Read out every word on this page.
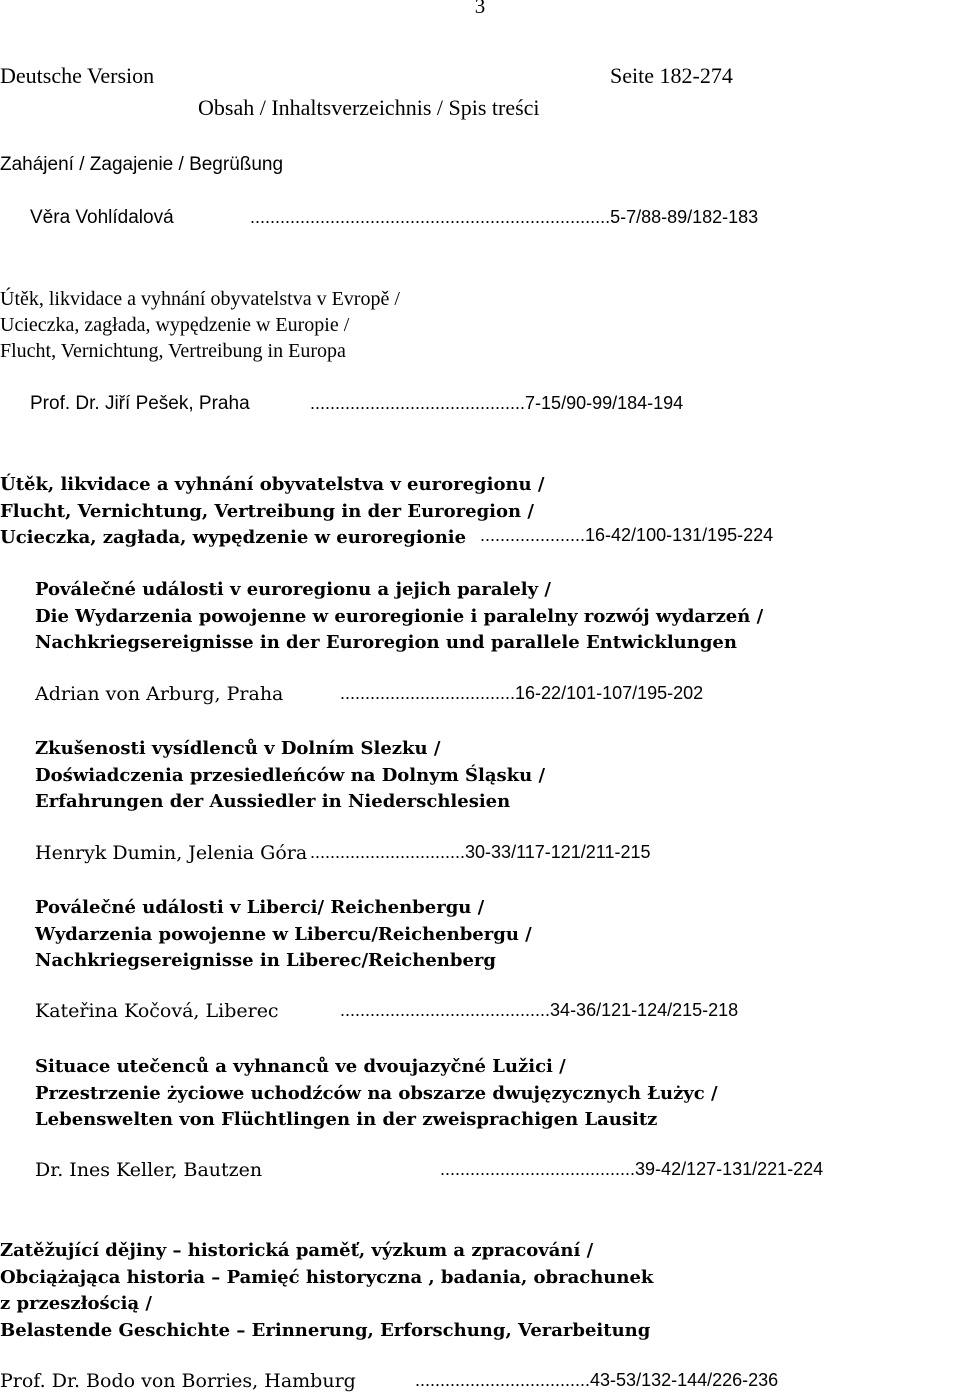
3
Deutsche Version	Seite 182-274
Obsah / Inhaltsverzeichnis / Spis treści
Zahájení / Zagajenie / Begrüßung
Věra Vohlídalová	........................................................................5-7/88-89/182-183
Útěk, likvidace a vyhnání obyvatelstva v Evropě /
Ucieczka, zagłada, wypędzenie w Europie /
Flucht, Vernichtung, Vertreibung in Europa
Prof. Dr. Jiří Pešek, Praha	...........................................7-15/90-99/184-194
Útěk, likvidace a vyhnání obyvatelstva v euroregionu /
Flucht, Vernichtung, Vertreibung in der Euroregion /
Ucieczka, zagłada, wypędzenie w euroregionie .....................16-42/100-131/195-224
Poválečné události v euroregionu a jejich paralely /
Die Wydarzenia powojenne w euroregionie i paralelny rozwój wydarzeń /
Nachkriegsereignisse in der Euroregion und parallele Entwicklungen
Adrian von Arburg, Praha	...................................16-22/101-107/195-202
Zkušenosti vysídlenců v Dolním Slezku /
Doświadczenia przesiedleńców na Dolnym Śląsku /
Erfahrungen der Aussiedler in Niederschlesien
Henryk Dumin, Jelenia Góra ...............................30-33/117-121/211-215
Poválečné události v Liberci/ Reichenbergu /
Wydarzenia powojenne w Libercu/Reichenbergu /
Nachkriegsereignisse in Liberec/Reichenberg
Kateřina Kočová, Liberec	..........................................34-36/121-124/215-218
Situace utečenců a vyhnanců ve dvoujazyčné Lužici /
Przestrzenie życiowe uchodźców na obszarze dwujęzycznych Łużyc /
Lebenswelten von Flüchtlingen in der zweisprachigen Lausitz
Dr. Ines Keller, Bautzen	.......................................39-42/127-131/221-224
Zatěžující dějiny – historická paměť, výzkum a zpracování /
Obciążająca historia – Pamięć historyczna , badania, obrachunek
z przeszłością /
Belastende Geschichte – Erinnerung, Erforschung, Verarbeitung
Prof. Dr. Bodo von Borries, Hamburg	...................................43-53/132-144/226-236
